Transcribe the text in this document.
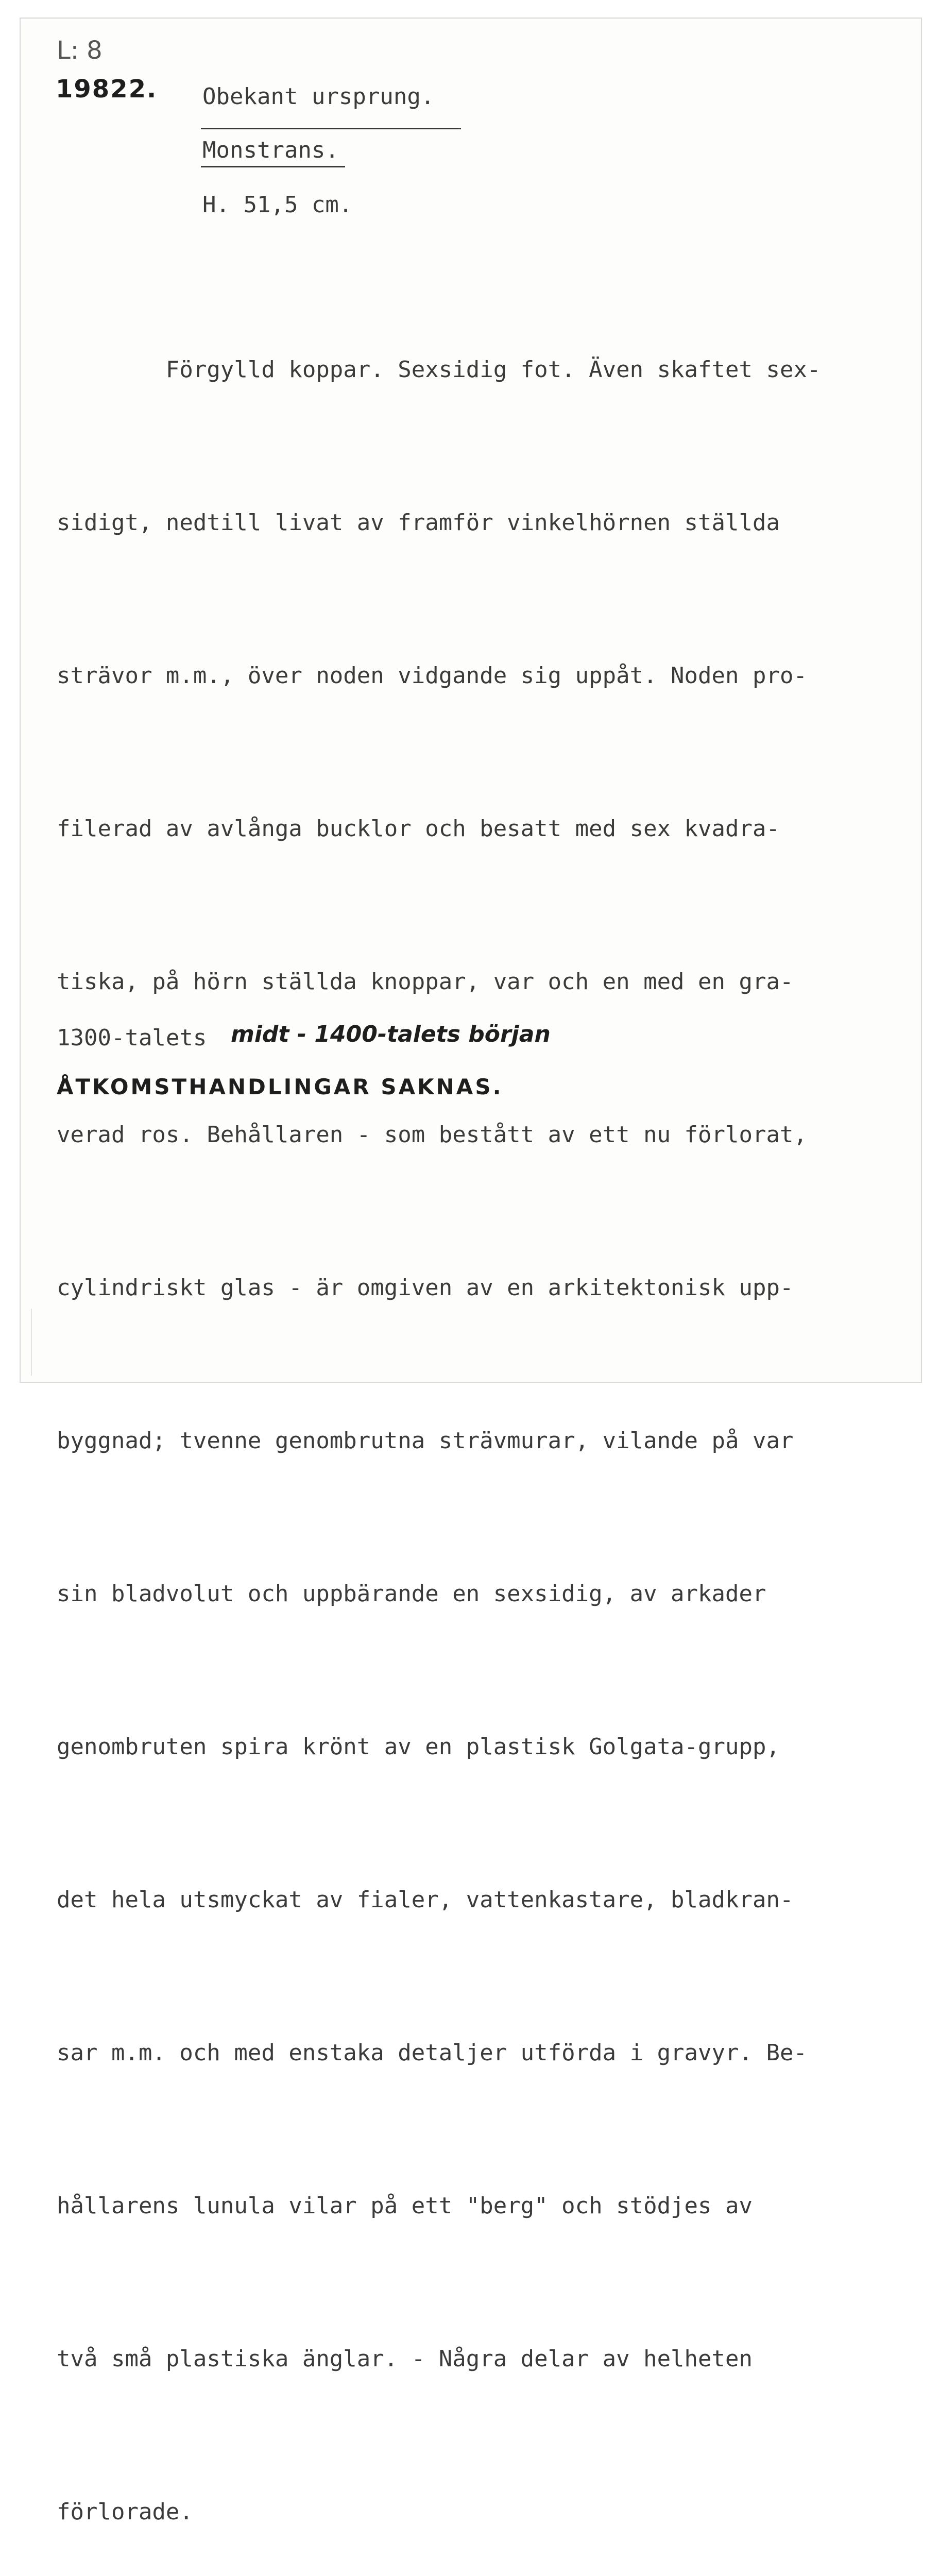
L: 8
19822. Obekant ursprung.
Monstrans.
H. 51,5 cm.

Förgylld koppar. Sexsidig fot. Även skaftet sex-

sidigt, nedtill livat av framför vinkelhörnen ställda

strävor m.m., över noden vidgande sig uppåt. Noden pro-

filerad av avlånga bucklor och besatt med sex kvadra-

tiska, på hörn ställda knoppar, var och en med en gra-

verad ros. Behållaren - som bestått av ett nu förlorat,

cylindriskt glas - är omgiven av en arkitektonisk upp-

byggnad; tvenne genombrutna strävmurar, vilande på var

sin bladvolut och uppbärande en sexsidig, av arkader

genombruten spira krönt av en plastisk Golgata-grupp,

det hela utsmyckat av fialer, vattenkastare, bladkran-

sar m.m. och med enstaka detaljer utförda i gravyr. Be-

hållarens lunula vilar på ett "berg" och stödjes av

två små plastiska änglar. - Några delar av helheten

förlorade.

1300-talets midt - 1400-talets början
ÅTKOMSTHANDLINGAR SAKNAS.
